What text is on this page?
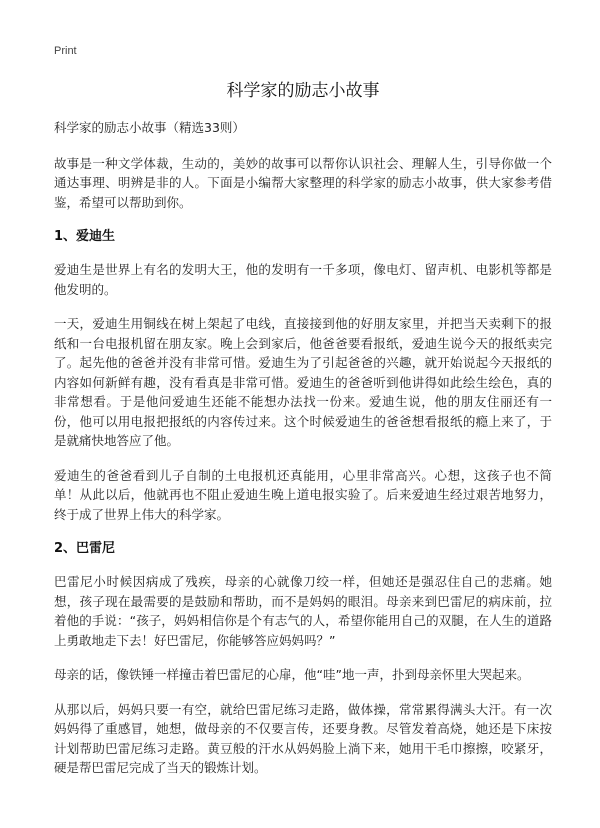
Print
科学家的励志小故事

科学家的励志小故事（精选33则）

故事是一种文学体裁，生动的，美妙的故事可以帮你认识社会、理解人生，引导你做一个通达事理、明辨是非的人。下面是小编帮大家整理的科学家的励志小故事，供大家参考借鉴，希望可以帮助到你。

1、爱迪生

爱迪生是世界上有名的发明大王，他的发明有一千多项，像电灯、留声机、电影机等都是他发明的。

一天，爱迪生用铜线在树上架起了电线，直接接到他的好朋友家里，并把当天卖剩下的报纸和一台电报机留在朋友家。晚上会到家后，他爸爸要看报纸，爱迪生说今天的报纸卖完了。起先他的爸爸并没有非常可惜。爱迪生为了引起爸爸的兴趣，就开始说起今天报纸的内容如何新鲜有趣，没有看真是非常可惜。爱迪生的爸爸听到他讲得如此绘生绘色，真的非常想看。于是他问爱迪生还能不能想办法找一份来。爱迪生说，他的朋友住丽还有一份，他可以用电报把报纸的内容传过来。这个时候爱迪生的爸爸想看报纸的瘾上来了，于是就痛快地答应了他。

爱迪生的爸爸看到儿子自制的土电报机还真能用，心里非常高兴。心想，这孩子也不简单！从此以后，他就再也不阻止爱迪生晚上道电报实验了。后来爱迪生经过艰苦地努力，终于成了世界上伟大的科学家。

2、巴雷尼

巴雷尼小时候因病成了残疾，母亲的心就像刀绞一样，但她还是强忍住自己的悲痛。她想，孩子现在最需要的是鼓励和帮助，而不是妈妈的眼泪。母亲来到巴雷尼的病床前，拉着他的手说：“孩子，妈妈相信你是个有志气的人，希望你能用自己的双腿，在人生的道路上勇敢地走下去！好巴雷尼，你能够答应妈妈吗？”

母亲的话，像铁锤一样撞击着巴雷尼的心扉，他“哇”地一声，扑到母亲怀里大哭起来。

从那以后，妈妈只要一有空，就给巴雷尼练习走路，做体操，常常累得满头大汗。有一次妈妈得了重感冒，她想，做母亲的不仅要言传，还要身教。尽管发着高烧，她还是下床按计划帮助巴雷尼练习走路。黄豆般的汗水从妈妈脸上淌下来，她用干毛巾擦擦，咬紧牙，硬是帮巴雷尼完成了当天的锻炼计划。
